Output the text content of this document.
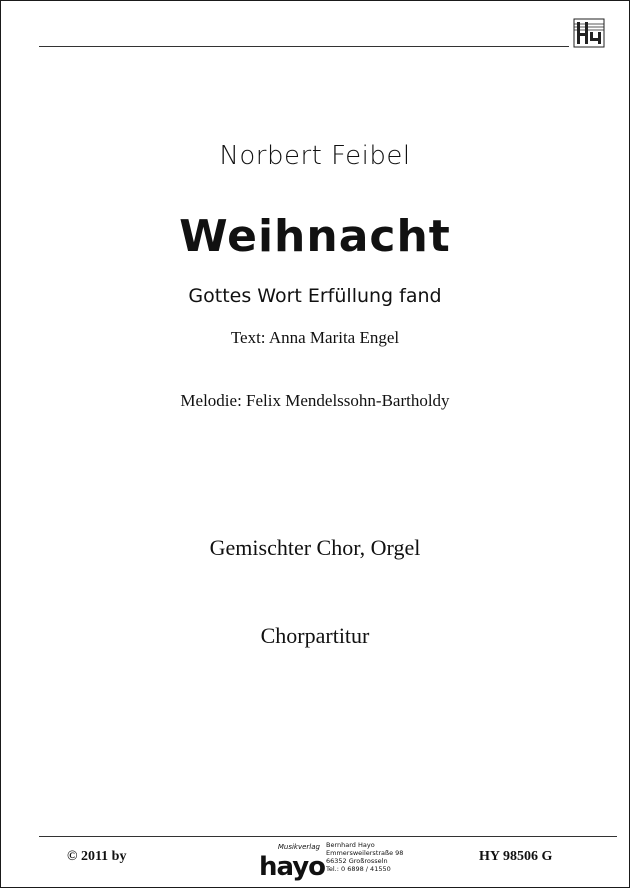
Norbert Feibel
Weihnacht
Gottes Wort Erfüllung fand
Text: Anna Marita Engel
Melodie: Felix Mendelssohn-Bartholdy
Gemischter Chor, Orgel
Chorpartitur
© 2011 by
Musikverlag
hayo
Bernhard Hayo
Emmersweilerstraße 98
66352 Großrosseln
Tel.: 0 6898 / 41550
HY 98506 G
